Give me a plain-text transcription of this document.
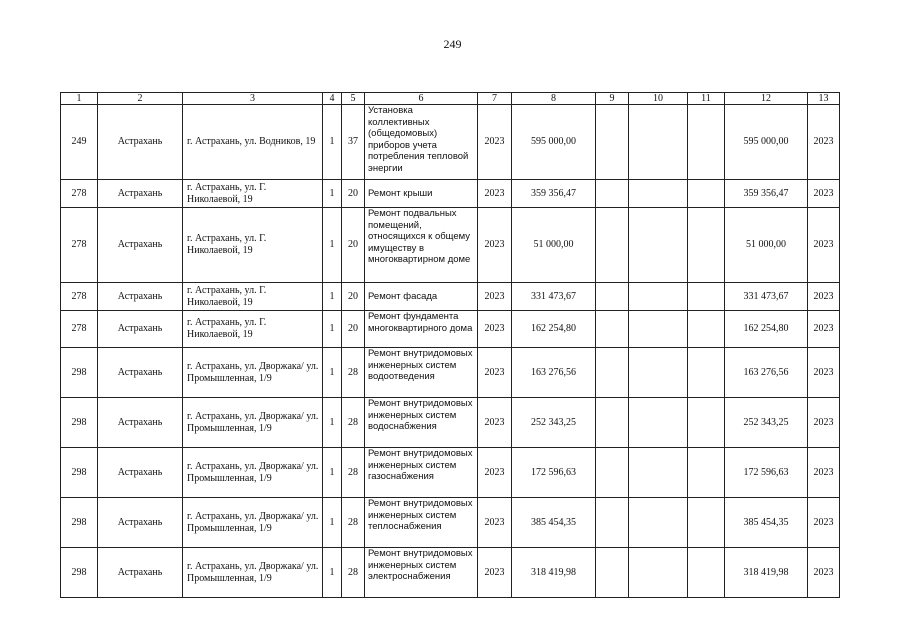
249
1	2	3	4	5	6	7	8	9	10	11	12	13
249	Астрахань	г. Астрахань, ул. Водников, 19	1	37	Установка коллективных (общедомовых) приборов учета потребления тепловой энергии	2023	595 000,00				595 000,00	2023
278	Астрахань	г. Астрахань, ул. Г. Николаевой, 19	1	20	Ремонт крыши	2023	359 356,47				359 356,47	2023
278	Астрахань	г. Астрахань, ул. Г. Николаевой, 19	1	20	Ремонт подвальных помещений, относящихся к общему имуществу в многоквартирном доме	2023	51 000,00				51 000,00	2023
278	Астрахань	г. Астрахань, ул. Г. Николаевой, 19	1	20	Ремонт фасада	2023	331 473,67				331 473,67	2023
278	Астрахань	г. Астрахань, ул. Г. Николаевой, 19	1	20	Ремонт фундамента многоквартирного дома	2023	162 254,80				162 254,80	2023
298	Астрахань	г. Астрахань, ул. Дворжака/ ул. Промышленная, 1/9	1	28	Ремонт внутридомовых инженерных систем водоотведения	2023	163 276,56				163 276,56	2023
298	Астрахань	г. Астрахань, ул. Дворжака/ ул. Промышленная, 1/9	1	28	Ремонт внутридомовых инженерных систем водоснабжения	2023	252 343,25				252 343,25	2023
298	Астрахань	г. Астрахань, ул. Дворжака/ ул. Промышленная, 1/9	1	28	Ремонт внутридомовых инженерных систем газоснабжения	2023	172 596,63				172 596,63	2023
298	Астрахань	г. Астрахань, ул. Дворжака/ ул. Промышленная, 1/9	1	28	Ремонт внутридомовых инженерных систем теплоснабжения	2023	385 454,35				385 454,35	2023
298	Астрахань	г. Астрахань, ул. Дворжака/ ул. Промышленная, 1/9	1	28	Ремонт внутридомовых инженерных систем электроснабжения	2023	318 419,98				318 419,98	2023
